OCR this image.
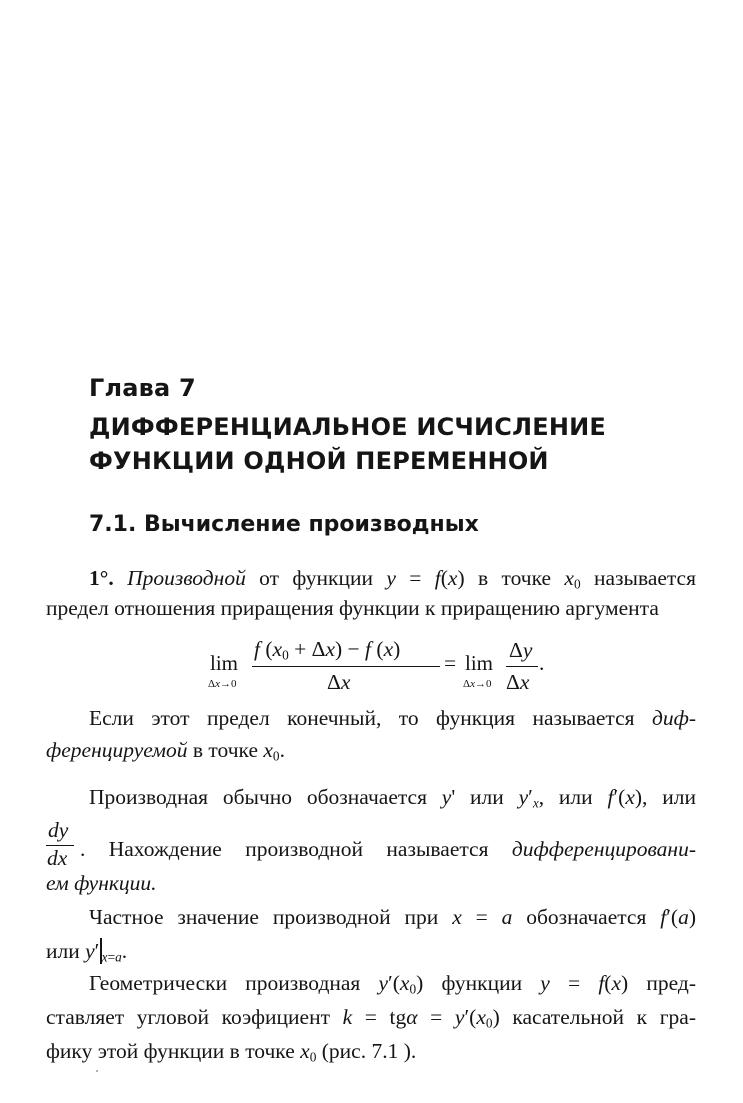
Глава 7
ДИФФЕРЕНЦИАЛЬНОЕ ИСЧИСЛЕНИЕ
ФУНКЦИИ ОДНОЙ ПЕРЕМЕННОЙ
7.1. Вычисление производных
1°. Производной от функции y = f(x) в точке $x_0$ называется
предел отношения приращения функции к приращению аргумента
lim
Δx→0
f $(x_0 + \Delta x) - f$ (x)
Δx
= lim
Δx→0
Δy
Δx
.
Если этот предел конечный, то функция называется диф-
ференцируемой в точке $x_0$.
Производная обычно обозначается y' или $y'_x$, или f′(x), или
dy
dx . Нахождение производной называется дифференцировани-
ем функции.
Частное значение производной при x = a обозначается f′(a)
или y′ $_{x=a}$.
Геометрически производная $y'(x_0)$ функции y = f(x) пред-
ставляет угловой коэфициент $k = tg\alpha = y'(x_0)$ касательной к гра-
фику этой функции в точке $x_0$ (рис. 7.1 ).
